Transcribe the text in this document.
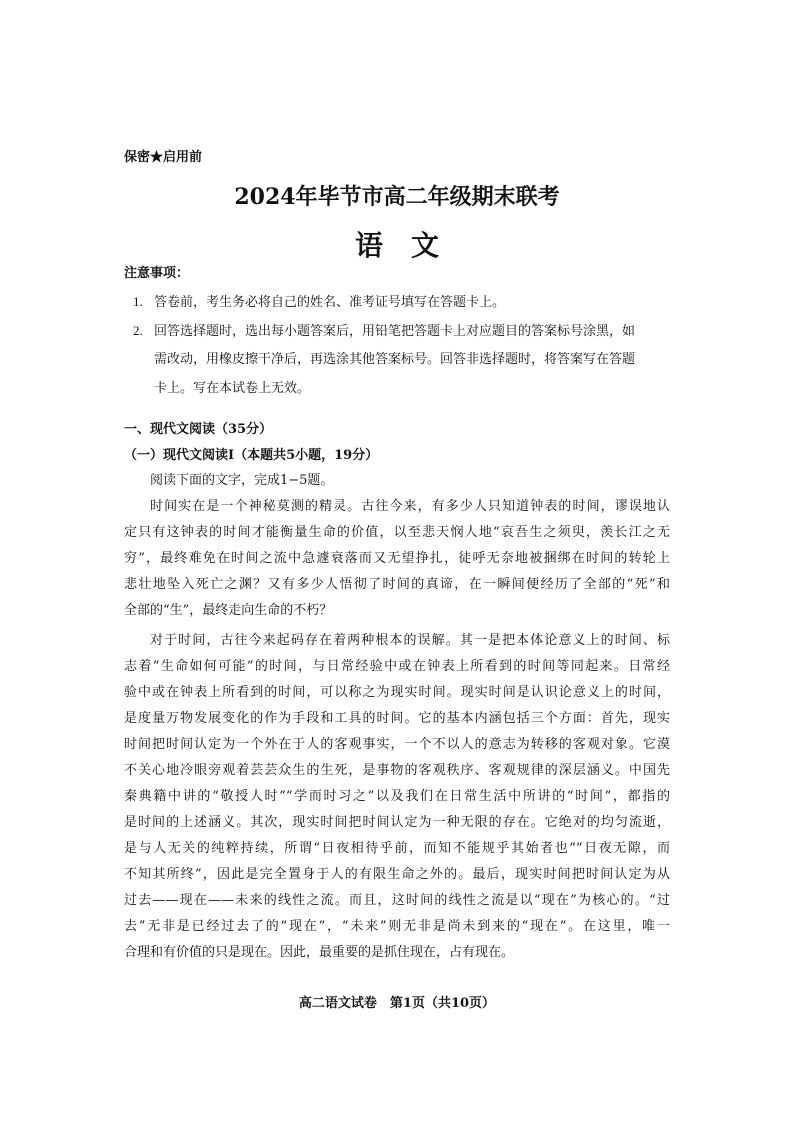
保密★启用前
2024年毕节市高二年级期末联考
语文
注意事项：
1. 答卷前，考生务必将自己的姓名、准考证号填写在答题卡上。
2. 回答选择题时，选出每小题答案后，用铅笔把答题卡上对应题目的答案标号涂黑，如
需改动，用橡皮擦干净后，再选涂其他答案标号。回答非选择题时，将答案写在答题
卡上。写在本试卷上无效。
一、现代文阅读（35分）
（一）现代文阅读Ⅰ（本题共5小题，19分）
阅读下面的文字，完成1−5题。
时间实在是一个神秘莫测的精灵。古往今来，有多少人只知道钟表的时间，谬误地认
定只有这钟表的时间才能衡量生命的价值，以至悲天悯人地“哀吾生之须臾，羡长江之无
穷”，最终难免在时间之流中急遽衰落而又无望挣扎，徒呼无奈地被捆绑在时间的转轮上
悲壮地坠入死亡之渊？又有多少人悟彻了时间的真谛，在一瞬间便经历了全部的“死”和
全部的“生”，最终走向生命的不朽？
对于时间，古往今来起码存在着两种根本的误解。其一是把本体论意义上的时间、标
志着“生命如何可能”的时间，与日常经验中或在钟表上所看到的时间等同起来。日常经
验中或在钟表上所看到的时间，可以称之为现实时间。现实时间是认识论意义上的时间，
是度量万物发展变化的作为手段和工具的时间。它的基本内涵包括三个方面：首先，现实
时间把时间认定为一个外在于人的客观事实，一个不以人的意志为转移的客观对象。它漠
不关心地冷眼旁观着芸芸众生的生死，是事物的客观秩序、客观规律的深层涵义。中国先
秦典籍中讲的“敬授人时”“学而时习之”以及我们在日常生活中所讲的“时间”，都指的
是时间的上述涵义。其次，现实时间把时间认定为一种无限的存在。它绝对的均匀流逝，
是与人无关的纯粹持续，所谓“日夜相待乎前，而知不能规乎其始者也”“日夜无隙，而
不知其所终”，因此是完全置身于人的有限生命之外的。最后，现实时间把时间认定为从
过去——现在——未来的线性之流。而且，这时间的线性之流是以“现在”为核心的。“过
去”无非是已经过去了的“现在”，“未来”则无非是尚未到来的“现在”。在这里，唯一
合理和有价值的只是现在。因此，最重要的是抓住现在，占有现在。
高二语文试卷　第1页（共10页）
